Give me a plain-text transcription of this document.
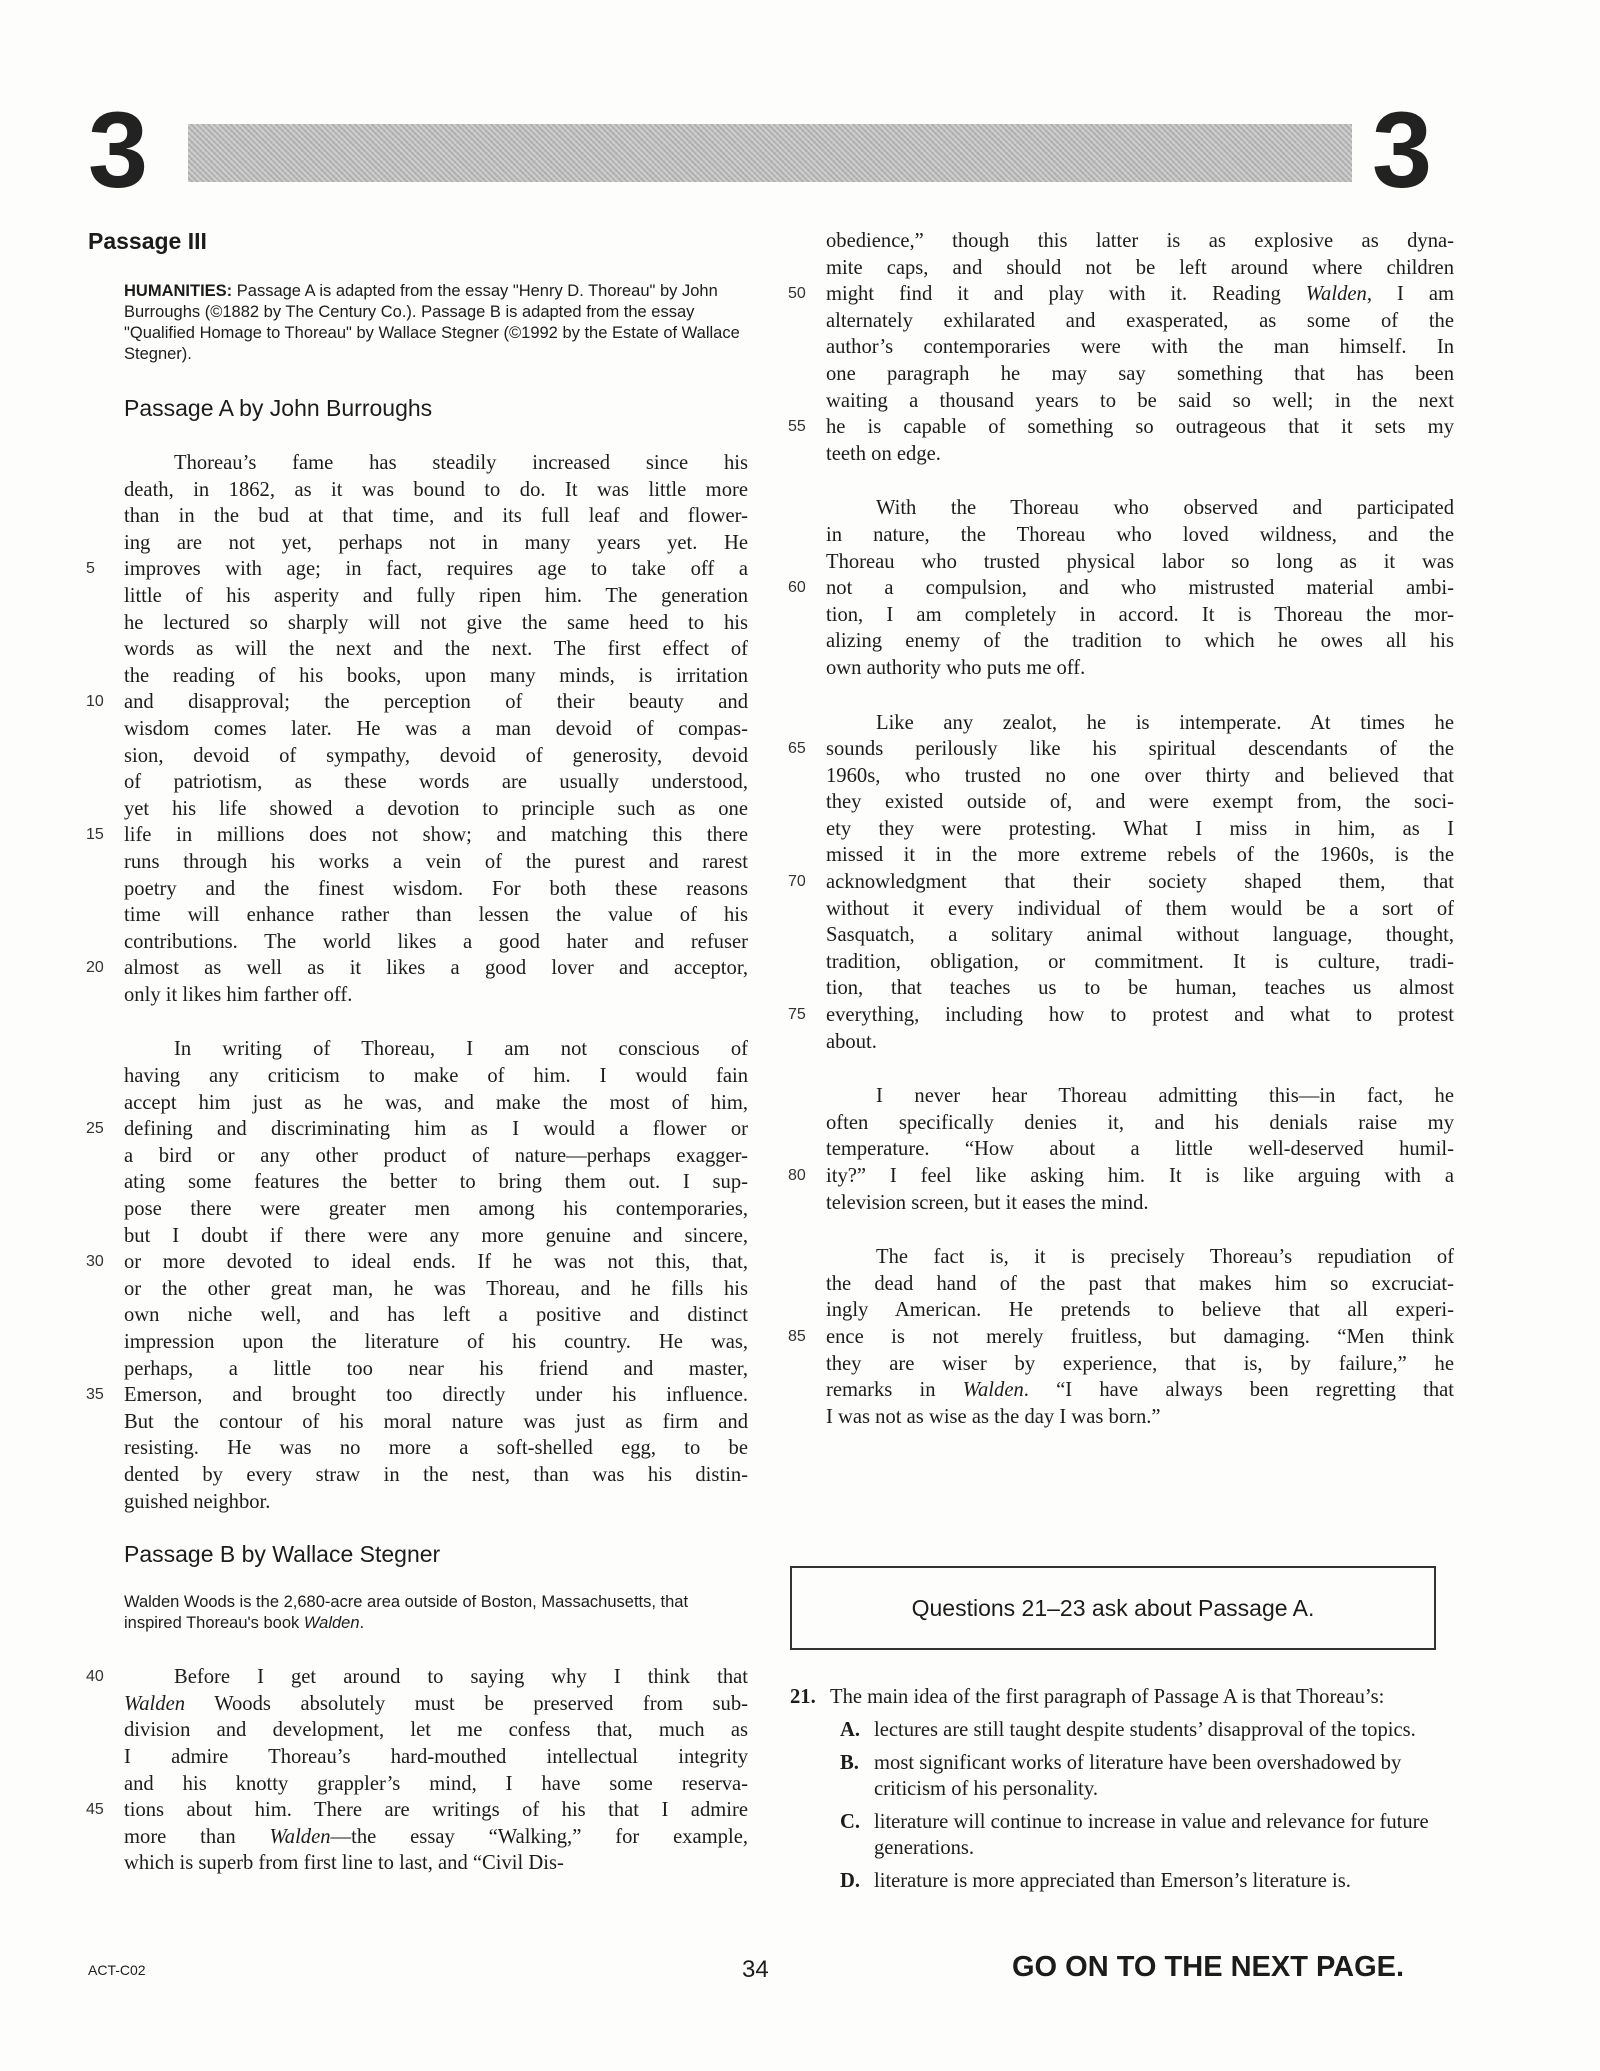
3	3
Passage III
HUMANITIES: Passage A is adapted from the essay "Henry D. Thoreau" by John Burroughs (©1882 by The Century Co.). Passage B is adapted from the essay "Qualified Homage to Thoreau" by Wallace Stegner (©1992 by the Estate of Wallace Stegner).
Passage A by John Burroughs
Thoreau’s fame has steadily increased since his
death, in 1862, as it was bound to do. It was little more
than in the bud at that time, and its full leaf and flower-
ing are not yet, perhaps not in many years yet. He
improves with age; in fact, requires age to take off a
5
little of his asperity and fully ripen him. The generation
he lectured so sharply will not give the same heed to his
words as will the next and the next. The first effect of
the reading of his books, upon many minds, is irritation
and disapproval; the perception of their beauty and
10
wisdom comes later. He was a man devoid of compas-
sion, devoid of sympathy, devoid of generosity, devoid
of patriotism, as these words are usually understood,
yet his life showed a devotion to principle such as one
life in millions does not show; and matching this there
15
runs through his works a vein of the purest and rarest
poetry and the finest wisdom. For both these reasons
time will enhance rather than lessen the value of his
contributions. The world likes a good hater and refuser
almost as well as it likes a good lover and acceptor,
20
only it likes him farther off.
In writing of Thoreau, I am not conscious of
having any criticism to make of him. I would fain
accept him just as he was, and make the most of him,
defining and discriminating him as I would a flower or
25
a bird or any other product of nature—perhaps exagger-
ating some features the better to bring them out. I sup-
pose there were greater men among his contemporaries,
but I doubt if there were any more genuine and sincere,
or more devoted to ideal ends. If he was not this, that,
30
or the other great man, he was Thoreau, and he fills his
own niche well, and has left a positive and distinct
impression upon the literature of his country. He was,
perhaps, a little too near his friend and master,
Emerson, and brought too directly under his influence.
35
But the contour of his moral nature was just as firm and
resisting. He was no more a soft-shelled egg, to be
dented by every straw in the nest, than was his distin-
guished neighbor.
Passage B by Wallace Stegner
Walden Woods is the 2,680-acre area outside of Boston, Massachusetts, that inspired Thoreau's book Walden.
Before I get around to saying why I think that
40
Walden Woods absolutely must be preserved from sub-
division and development, let me confess that, much as
I admire Thoreau’s hard-mouthed intellectual integrity
and his knotty grappler’s mind, I have some reserva-
tions about him. There are writings of his that I admire
45
more than Walden—the essay “Walking,” for example,
which is superb from first line to last, and “Civil Dis-
obedience,” though this latter is as explosive as dyna-
mite caps, and should not be left around where children
might find it and play with it. Reading Walden, I am
50
alternately exhilarated and exasperated, as some of the
author’s contemporaries were with the man himself. In
one paragraph he may say something that has been
waiting a thousand years to be said so well; in the next
he is capable of something so outrageous that it sets my
55
teeth on edge.
With the Thoreau who observed and participated
in nature, the Thoreau who loved wildness, and the
Thoreau who trusted physical labor so long as it was
not a compulsion, and who mistrusted material ambi-
60
tion, I am completely in accord. It is Thoreau the mor-
alizing enemy of the tradition to which he owes all his
own authority who puts me off.
Like any zealot, he is intemperate. At times he
sounds perilously like his spiritual descendants of the
65
1960s, who trusted no one over thirty and believed that
they existed outside of, and were exempt from, the soci-
ety they were protesting. What I miss in him, as I
missed it in the more extreme rebels of the 1960s, is the
acknowledgment that their society shaped them, that
70
without it every individual of them would be a sort of
Sasquatch, a solitary animal without language, thought,
tradition, obligation, or commitment. It is culture, tradi-
tion, that teaches us to be human, teaches us almost
everything, including how to protest and what to protest
75
about.
I never hear Thoreau admitting this—in fact, he
often specifically denies it, and his denials raise my
temperature. “How about a little well-deserved humil-
ity?” I feel like asking him. It is like arguing with a
80
television screen, but it eases the mind.
The fact is, it is precisely Thoreau’s repudiation of
the dead hand of the past that makes him so excruciat-
ingly American. He pretends to believe that all experi-
ence is not merely fruitless, but damaging. “Men think
85
they are wiser by experience, that is, by failure,” he
remarks in Walden. “I have always been regretting that
I was not as wise as the day I was born.”
Questions 21–23 ask about Passage A.
21. The main idea of the first paragraph of Passage A is that Thoreau’s:
A. lectures are still taught despite students’ disapproval of the topics.
B. most significant works of literature have been overshadowed by criticism of his personality.
C. literature will continue to increase in value and relevance for future generations.
D. literature is more appreciated than Emerson’s literature is.
ACT-C02	34	GO ON TO THE NEXT PAGE.
